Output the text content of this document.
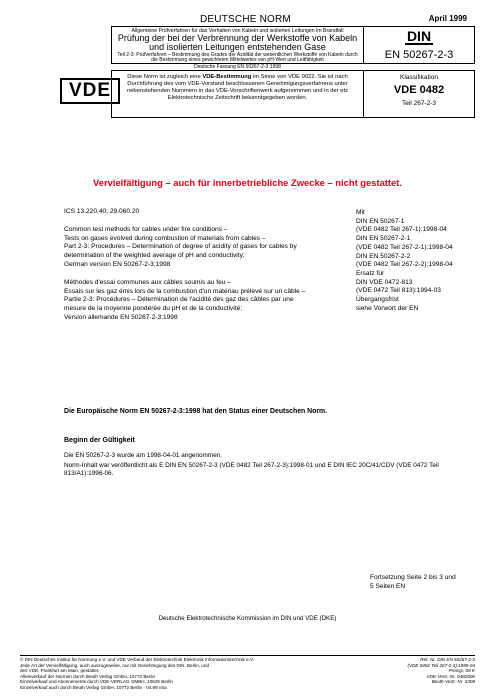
DEUTSCHE NORM	April 1999
Allgemeine Prüfverfahren für das Verhalten von Kabeln und isolierten Leitungen im Brandfall
Prüfung der bei der Verbrennung der Werkstoffe von Kabeln und isolierten Leitungen entstehenden Gase
Teil 2-3: Prüfverfahren – Bestimmung des Grades der Azidität der wesentlichen Werkstoffe von Kabeln durch die Bestimmung eines gewichteten Mittelwertes von pH-Wert und Leitfähigkeit
Deutsche Fassung EN 50267-2-3:1998
DIN
EN 50267-2-3
VDE
Diese Norm ist zugleich eine VDE-Bestimmung im Sinne von VDE 0022. Sie ist nach Durchführung des vom VDE-Vorstand beschlossenen Genehmigungsverfahrens unter nebenstehenden Nummern in das VDE-Vorschriftenwerk aufgenommen und in der etz Elektrotechnische Zeitschrift bekanntgegeben worden.
Klassifikation
VDE 0482
Teil 267-2-3
Vervielfältigung – auch für innerbetriebliche Zwecke – nicht gestattet.
ICS 13.220.40; 29.060.20
Common test methods for cables under fire conditions –
Tests on gases evolved during combustion of materials from cables –
Part 2-3: Procedures – Determination of degree of acidity of gases for cables by
determination of the weighted average of pH and conductivity;
German version EN 50267-2-3:1998
Méthodes d'essai communes aux câbles soumis au feu –
Essais sur les gaz émis lors de la combustion d'un matériau prélevé sur un câble –
Partie 2-3: Procédures – Détermination de l'acidité des gaz des câbles par une
mesure de la moyenne pondérée du pH et de la conductivité;
Version allemande EN 50267-2-3:1998
Mit
DIN EN 50267-1
(VDE 0482 Teil 267-1):1998-04
DIN EN 50267-2-1
(VDE 0482 Teil 267-2-1):1998-04
DIN EN 50267-2-2
(VDE 0482 Teil 267-2-2):1998-04
Ersatz für
DIN VDE 0472-813
(VDE 0472 Teil 813):1994-03
Übergangsfrist
siehe Vorwort der EN
Die Europäische Norm EN 50267-2-3:1998 hat den Status einer Deutschen Norm.
Beginn der Gültigkeit

Die EN 50267-2-3 wurde am 1998-04-01 angenommen.

Norm-Inhalt war veröffentlicht als E DIN EN 50267-2-3 (VDE 0482 Teil 267-2-3):1998-01 und E DIN IEC 20C/41/CDV (VDE 0472 Teil 813/A1):1996-06.

Fortsetzung Seite 2 bis 3 und
5 Seiten EN
Deutsche Elektrotechnische Kommission im DIN und VDE (DKE)
© DIN Deutsches Institut für Normung e.V. und VDE Verband der Elektrotechnik Elektronik Informationstechnik e.V.
Jede Art der Vervielfältigung, auch auszugsweise, nur mit Genehmigung des DIN, Berlin, und
des VDE, Frankfurt am Main, gestattet.
Alleinverkauf der Normen durch Beuth Verlag GmbH, 10772 Berlin
Einzelverkauf und Abonnements durch VDE-VERLAG GMBH, 10625 Berlin
Einzelverkauf auch durch Beuth Verlag GmbH, 10772 Berlin · 04.99 vSa
Ref. Nr. DIN EN 50267-2-3
(VDE 0482 Teil 267-2-3):1999-04
Preisgr. 08 K
VDE-Vertr.-Nr. 0482006
Beuth-Vertr.-Nr. 3308
